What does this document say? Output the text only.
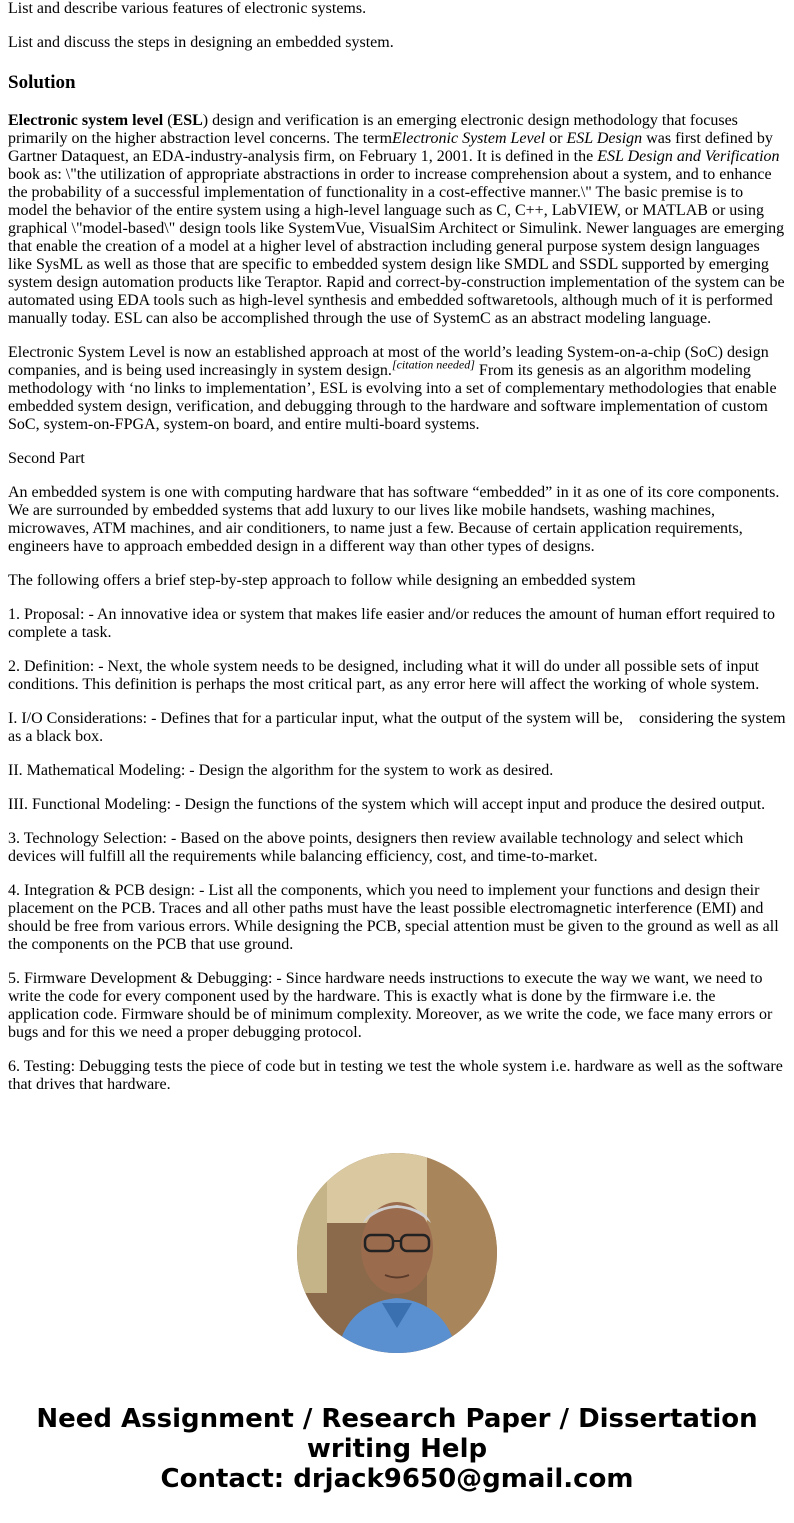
List and describe various features of electronic systems.

List and discuss the steps in designing an embedded system.

Solution

Electronic system level (ESL) design and verification is an emerging electronic design methodology that focuses primarily on the higher abstraction level concerns. The termElectronic System Level or ESL Design was first defined by Gartner Dataquest, an EDA-industry-analysis firm, on February 1, 2001. It is defined in the ESL Design and Verification book as: \"the utilization of appropriate abstractions in order to increase comprehension about a system, and to enhance the probability of a successful implementation of functionality in a cost-effective manner.\" The basic premise is to model the behavior of the entire system using a high-level language such as C, C++, LabVIEW, or MATLAB or using graphical \"model-based\" design tools like SystemVue, VisualSim Architect or Simulink. Newer languages are emerging that enable the creation of a model at a higher level of abstraction including general purpose system design languages like SysML as well as those that are specific to embedded system design like SMDL and SSDL supported by emerging system design automation products like Teraptor. Rapid and correct-by-construction implementation of the system can be automated using EDA tools such as high-level synthesis and embedded softwaretools, although much of it is performed manually today. ESL can also be accomplished through the use of SystemC as an abstract modeling language.

Electronic System Level is now an established approach at most of the world’s leading System-on-a-chip (SoC) design companies, and is being used increasingly in system design.[citation needed] From its genesis as an algorithm modeling methodology with ‘no links to implementation’, ESL is evolving into a set of complementary methodologies that enable embedded system design, verification, and debugging through to the hardware and software implementation of custom SoC, system-on-FPGA, system-on board, and entire multi-board systems.

Second Part

An embedded system is one with computing hardware that has software “embedded” in it as one of its core components. We are surrounded by embedded systems that add luxury to our lives like mobile handsets, washing machines, microwaves, ATM machines, and air conditioners, to name just a few. Because of certain application requirements, engineers have to approach embedded design in a different way than other types of designs.

The following offers a brief step-by-step approach to follow while designing an embedded system

1. Proposal: - An innovative idea or system that makes life easier and/or reduces the amount of human effort required to complete a task.

2. Definition: - Next, the whole system needs to be designed, including what it will do under all possible sets of input conditions. This definition is perhaps the most critical part, as any error here will affect the working of whole system.

I. I/O Considerations: - Defines that for a particular input, what the output of the system will be,    considering the system as a black box.

II. Mathematical Modeling: - Design the algorithm for the system to work as desired.

III. Functional Modeling: - Design the functions of the system which will accept input and produce the desired output.

3. Technology Selection: - Based on the above points, designers then review available technology and select which devices will fulfill all the requirements while balancing efficiency, cost, and time-to-market.

4. Integration & PCB design: - List all the components, which you need to implement your functions and design their placement on the PCB. Traces and all other paths must have the least possible electromagnetic interference (EMI) and should be free from various errors. While designing the PCB, special attention must be given to the ground as well as all the components on the PCB that use ground.

5. Firmware Development & Debugging: - Since hardware needs instructions to execute the way we want, we need to write the code for every component used by the hardware. This is exactly what is done by the firmware i.e. the application code. Firmware should be of minimum complexity. Moreover, as we write the code, we face many errors or bugs and for this we need a proper debugging protocol.

6. Testing: Debugging tests the piece of code but in testing we test the whole system i.e. hardware as well as the software that drives that hardware.

Need Assignment / Research Paper / Dissertation
writing Help
Contact: drjack9650@gmail.com
